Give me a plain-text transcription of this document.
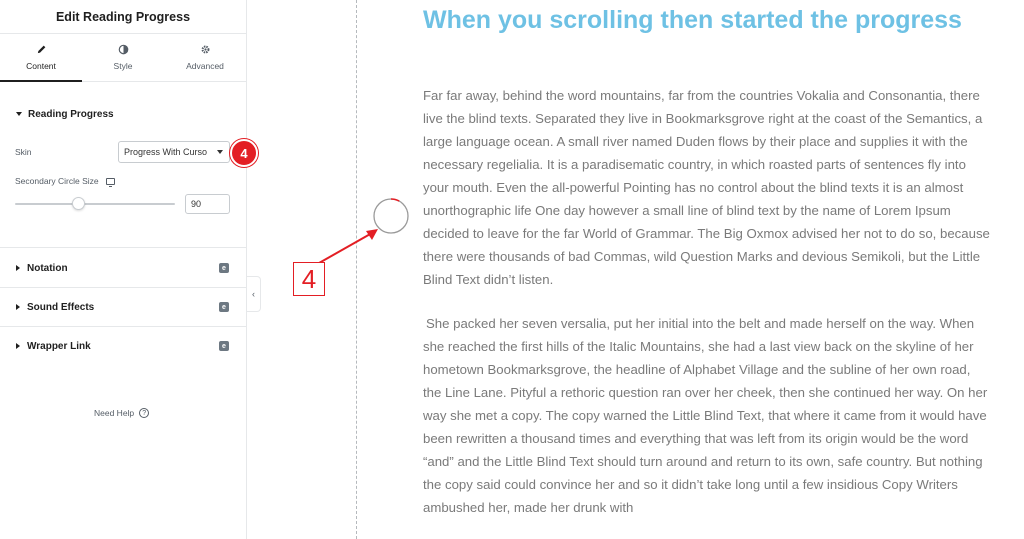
Edit Reading Progress
Content	Style	Advanced
Reading Progress
Skin	Progress With Curso
Secondary Circle Size
90
Notation	e
Sound Effects	e
Wrapper Link	e
Need Help	?
4
‹
When you scrolling then started the progress
Far far away, behind the word mountains, far from the countries Vokalia and Consonantia, there live the blind texts. Separated they live in Bookmarksgrove right at the coast of the Semantics, a large language ocean. A small river named Duden flows by their place and supplies it with the necessary regelialia. It is a paradisematic country, in which roasted parts of sentences fly into your mouth. Even the all-powerful Pointing has no control about the blind texts it is an almost unorthographic life One day however a small line of blind text by the name of Lorem Ipsum decided to leave for the far World of Grammar. The Big Oxmox advised her not to do so, because there were thousands of bad Commas, wild Question Marks and devious Semikoli, but the Little Blind Text didn’t listen.
She packed her seven versalia, put her initial into the belt and made herself on the way. When she reached the first hills of the Italic Mountains, she had a last view back on the skyline of her hometown Bookmarksgrove, the headline of Alphabet Village and the subline of her own road, the Line Lane. Pityful a rethoric question ran over her cheek, then she continued her way. On her way she met a copy. The copy warned the Little Blind Text, that where it came from it would have been rewritten a thousand times and everything that was left from its origin would be the word “and” and the Little Blind Text should turn around and return to its own, safe country. But nothing the copy said could convince her and so it didn’t take long until a few insidious Copy Writers ambushed her, made her drunk with
4
